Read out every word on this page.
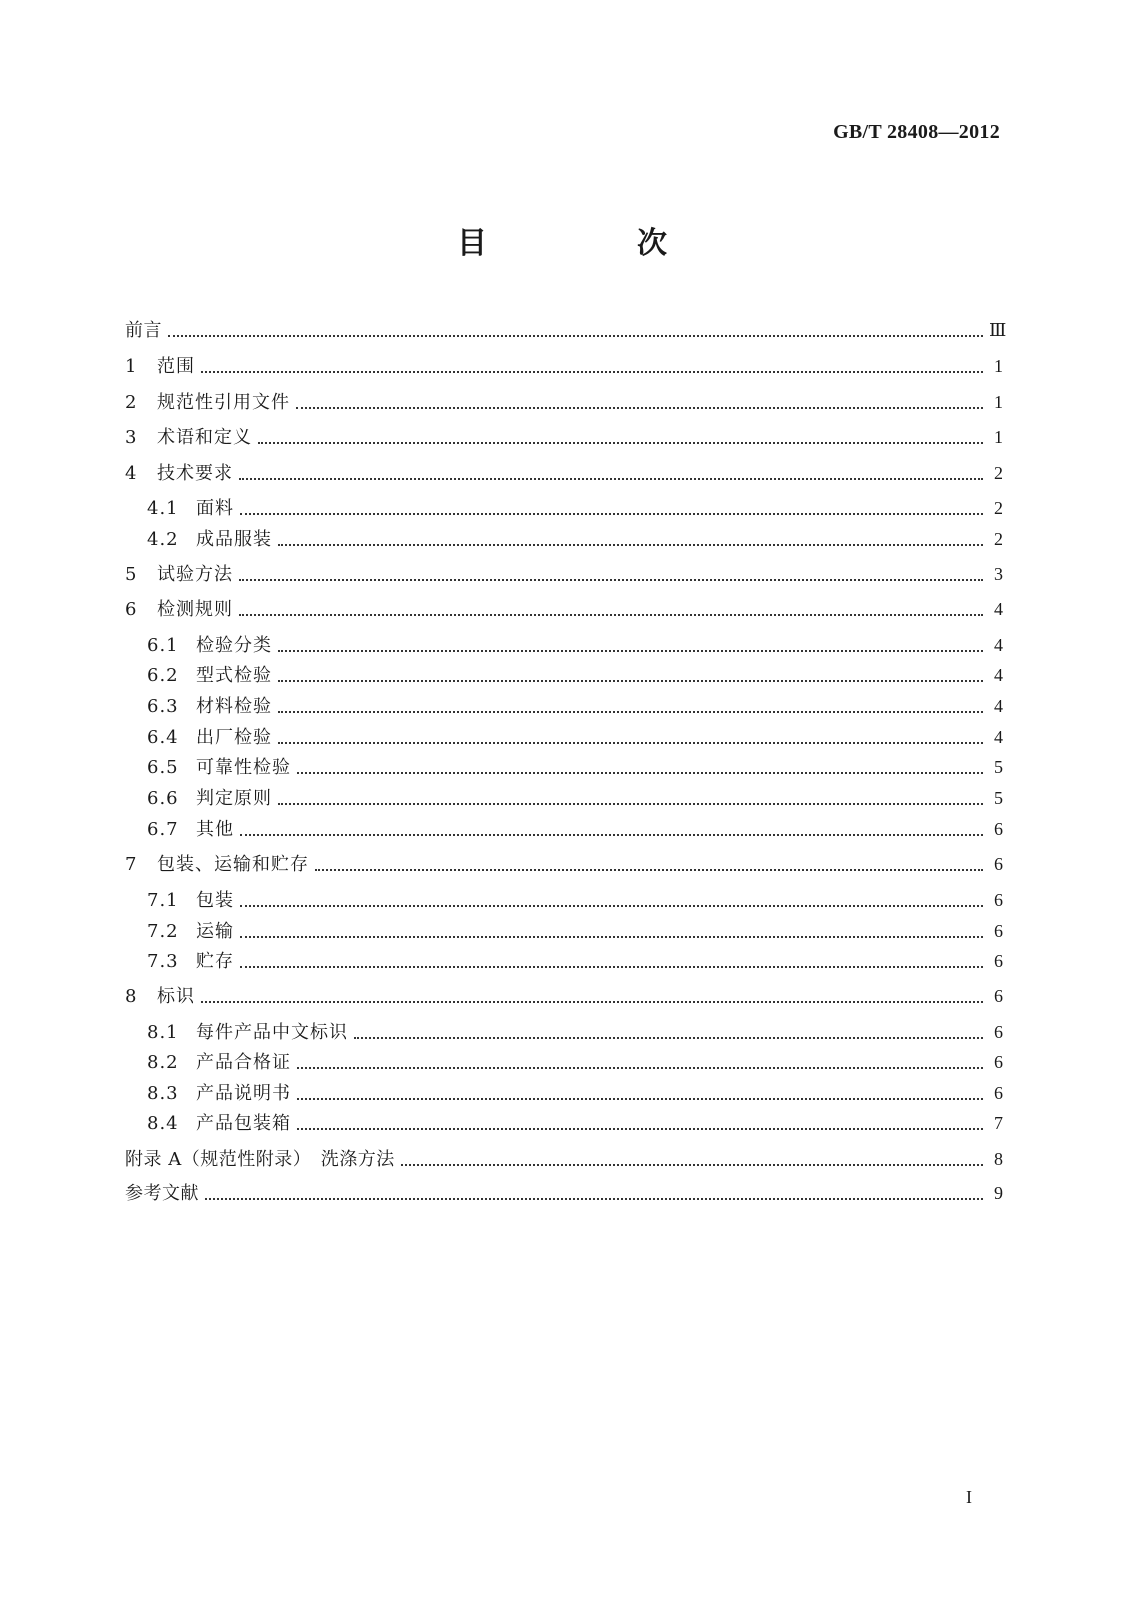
GB/T 28408—2012
目　次
前言	Ⅲ
1	范围	1
2	规范性引用文件	1
3	术语和定义	1
4	技术要求	2
4.1 面料	2
4.2 成品服装	2
5	试验方法	3
6	检测规则	4
6.1 检验分类	4
6.2 型式检验	4
6.3 材料检验	4
6.4 出厂检验	4
6.5 可靠性检验	5
6.6 判定原则	5
6.7 其他	6
7	包装、运输和贮存	6
7.1 包装	6
7.2 运输	6
7.3 贮存	6
8	标识	6
8.1 每件产品中文标识	6
8.2 产品合格证	6
8.3 产品说明书	6
8.4 产品包装箱	7
附录 A（规范性附录）　洗涤方法	8
参考文献	9
I
